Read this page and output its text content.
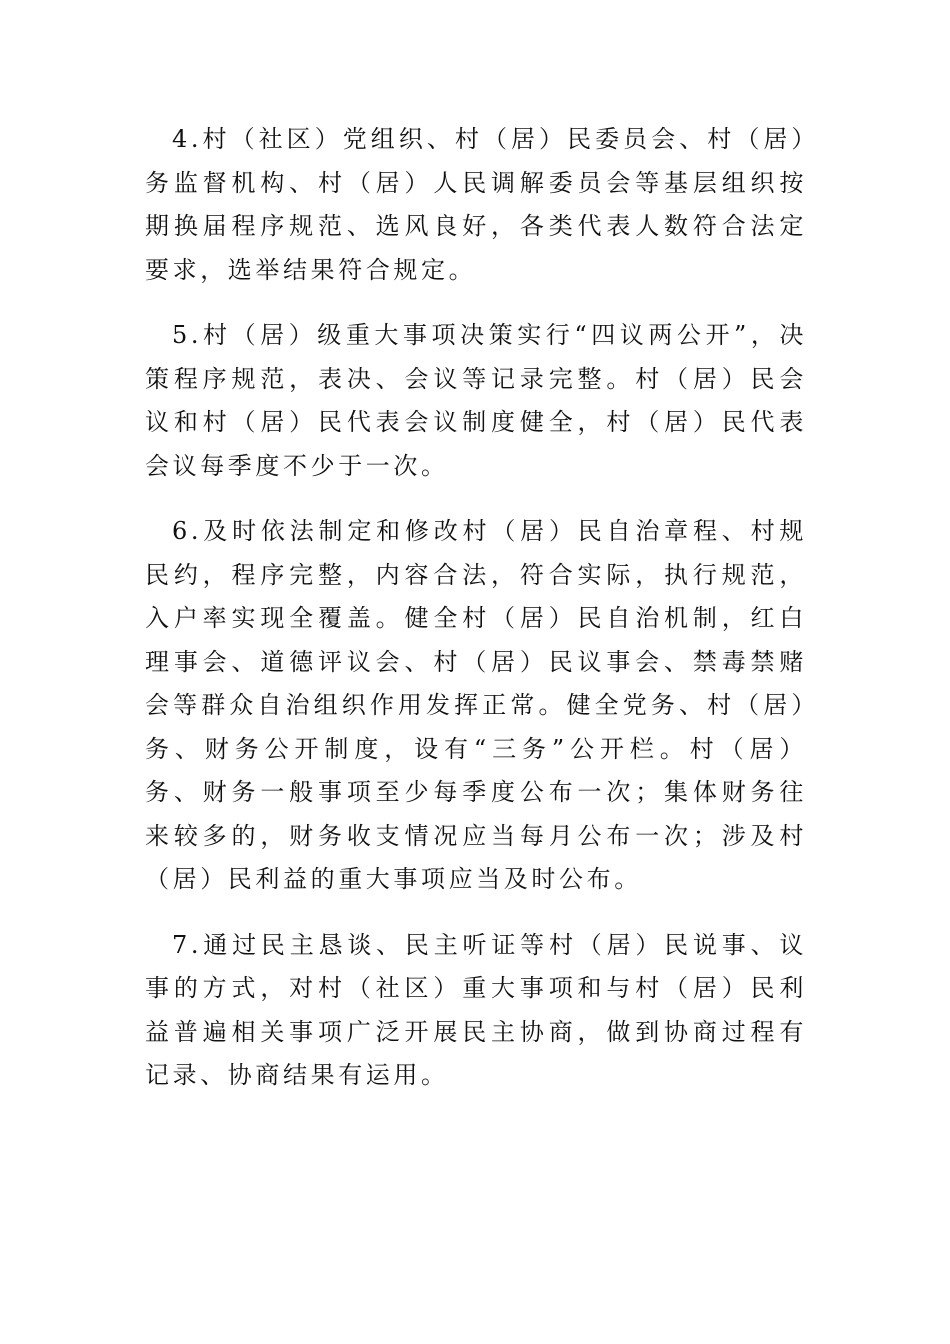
4.村（社区）党组织、村（居）民委员会、村（居）务监督机构、村（居）人民调解委员会等基层组织按期换届程序规范、选风良好，各类代表人数符合法定要求，选举结果符合规定。

5.村（居）级重大事项决策实行“四议两公开”，决策程序规范，表决、会议等记录完整。村（居）民会议和村（居）民代表会议制度健全，村（居）民代表会议每季度不少于一次。

6.及时依法制定和修改村（居）民自治章程、村规民约，程序完整，内容合法，符合实际，执行规范，入户率实现全覆盖。健全村（居）民自治机制，红白理事会、道德评议会、村（居）民议事会、禁毒禁赌会等群众自治组织作用发挥正常。健全党务、村（居）务、财务公开制度，设有“三务”公开栏。村（居）务、财务一般事项至少每季度公布一次；集体财务往来较多的，财务收支情况应当每月公布一次；涉及村（居）民利益的重大事项应当及时公布。

7.通过民主恳谈、民主听证等村（居）民说事、议事的方式，对村（社区）重大事项和与村（居）民利益普遍相关事项广泛开展民主协商，做到协商过程有记录、协商结果有运用。
